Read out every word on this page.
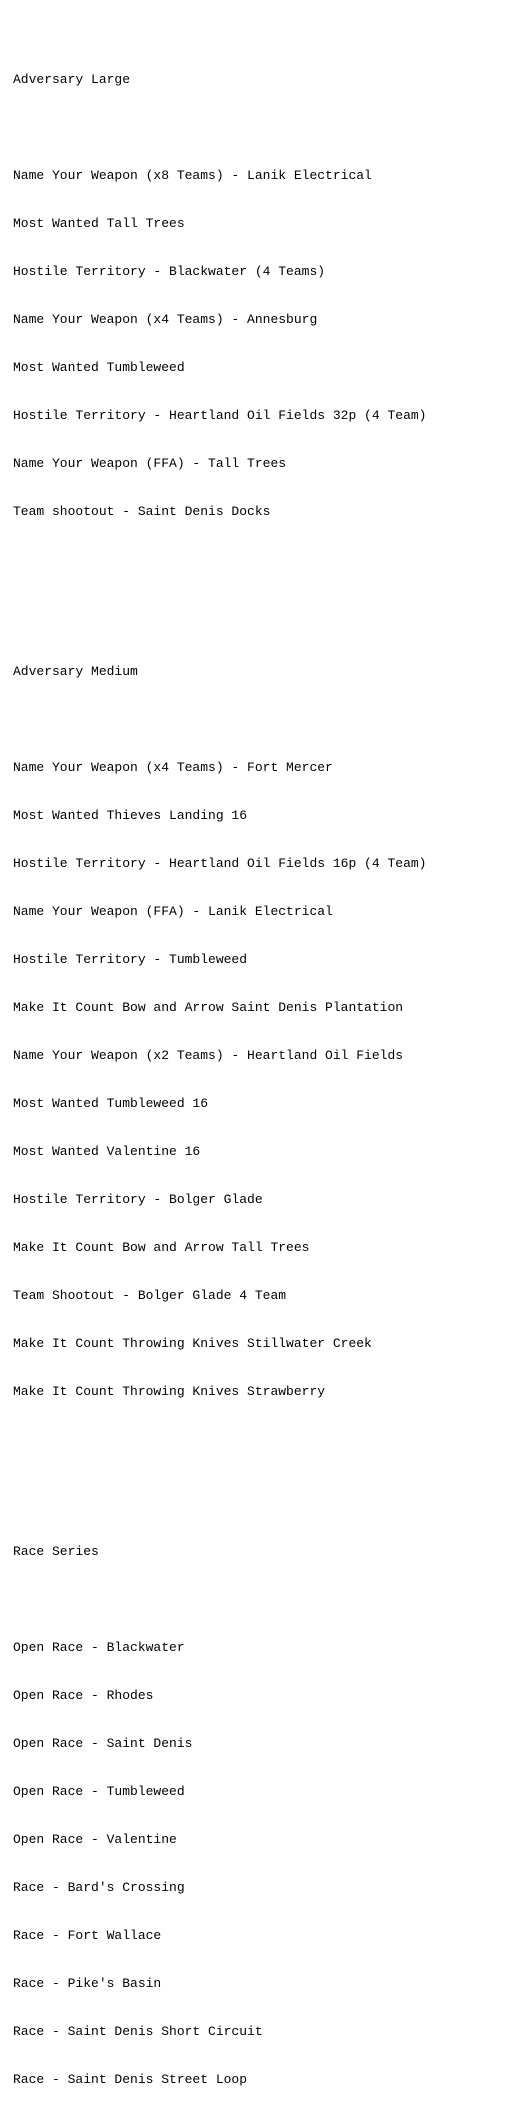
Adversary Large

Name Your Weapon (x8 Teams) - Lanik Electrical

Most Wanted Tall Trees

Hostile Territory - Blackwater (4 Teams)

Name Your Weapon (x4 Teams) - Annesburg

Most Wanted Tumbleweed

Hostile Territory - Heartland Oil Fields 32p (4 Team)

Name Your Weapon (FFA) - Tall Trees

Team shootout - Saint Denis Docks

Adversary Medium

Name Your Weapon (x4 Teams) - Fort Mercer

Most Wanted Thieves Landing 16

Hostile Territory - Heartland Oil Fields 16p (4 Team)

Name Your Weapon (FFA) - Lanik Electrical

Hostile Territory - Tumbleweed

Make It Count Bow and Arrow Saint Denis Plantation

Name Your Weapon (x2 Teams) - Heartland Oil Fields

Most Wanted Tumbleweed 16

Most Wanted Valentine 16

Hostile Territory - Bolger Glade

Make It Count Bow and Arrow Tall Trees

Team Shootout - Bolger Glade 4 Team

Make It Count Throwing Knives Stillwater Creek

Make It Count Throwing Knives Strawberry

Race Series

Open Race - Blackwater

Open Race - Rhodes

Open Race - Saint Denis

Open Race - Tumbleweed

Open Race - Valentine

Race - Bard's Crossing

Race - Fort Wallace

Race - Pike's Basin

Race - Saint Denis Short Circuit

Race - Saint Denis Street Loop
